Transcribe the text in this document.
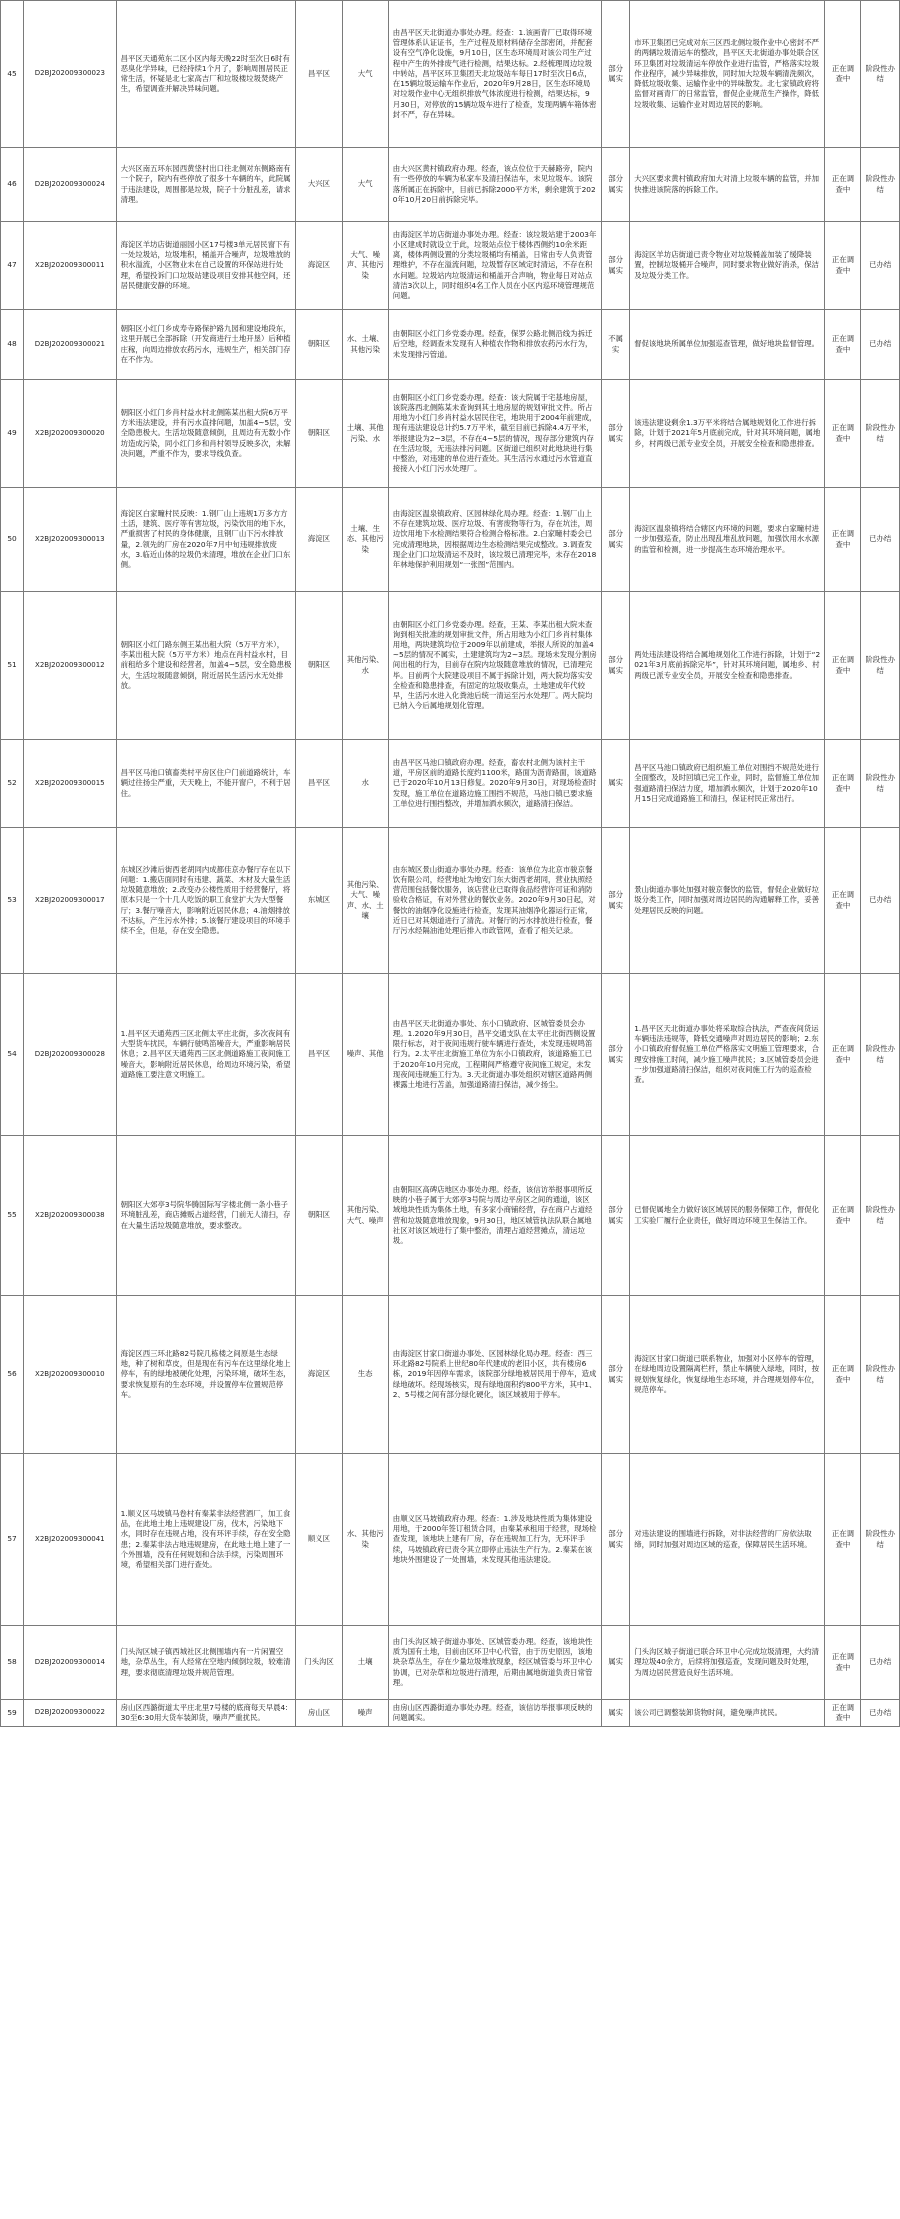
45	D2BJ202009300023	昌平区天通苑东二区小区内每天晚22时至次日6时有恶臭化学异味，已经持续1个月了，影响周围居民正常生活，怀疑是北七家高吉厂和垃圾楼垃圾焚烧产生，希望调查并解决异味问题。	昌平区	大气	由昌平区天北街道办事处办理。经查：1.该画青厂已取得环境管理体系认证证书，生产过程及原材料储存全部密闭，并配套设有空气净化设施，9月10日，区生态环境局对该公司生产过程中产生的外排废气进行检测，结果达标。2.经梳理周边垃圾中转站，昌平区环卫集团天北垃圾站车每日17时至次日6点，在15辆垃圾运输车作业后，2020年9月28日，区生态环境局对垃圾作业中心无组织排放气体浓度进行检测，结果达标，9月30日，对停放的15辆垃圾车进行了检查，发现两辆车箱体密封不严，存在异味。	部分属实	市环卫集团已完成对东三区西北侧垃圾作业中心密封不严的两辆垃圾清运车的整改，昌平区天北街道办事处联合区环卫集团对垃圾清运车停放作业进行监管，严格落实垃圾作业程序，减少异味排放，同时加大垃圾车辆清洗频次，降低垃圾收集、运输作业中的异味散发。北七家镇政府将监督对画青厂的日常监管，督促企业规范生产操作，降低垃圾收集、运输作业对周边居民的影响。	正在调查中	阶段性办结
46	D2BJ202009300024	大兴区南五环东园西黄垡村出口往北侧对东侧路南有一个院子，院内有些停放了很多十车辆的车，此院属于违法建设，周围都是垃圾，院子十分脏乱差，请求清理。	大兴区	大气	由大兴区黄村镇政府办理。经查，该点位位于天赫路旁，院内有一些停放的车辆为私家车及清扫保洁车，未见垃圾车。该院落所属正在拆除中，目前已拆除2000平方米，剩余建筑于2020年10月20日前拆除完毕。	部分属实	大兴区要求黄村镇政府加大对清上垃圾车辆的监管，并加快推进该院落的拆除工作。	正在调查中	阶段性办结
47	X2BJ202009300011	海淀区羊坊店街道丽园小区17号楼3单元居民窗下有一处垃圾站，垃圾堆积，桶盖开合噪声，垃圾堆放的积水溢流，小区物业未在自己设置的环保站进行处理，希望投诉门口垃圾站建设项目安排其他空间，还居民健康安静的环境。	海淀区	大气、噪声、其他污染	由海淀区羊坊店街道办事处办理。经查：该垃圾站建于2003年小区建成时就设立于此，垃圾站点位于楼体西侧约10余米距离，楼体两侧设置的分类垃圾桶均有桶盖，日常由专人负责管理维护，不存在溢流问题，垃圾暂存区域定时清运，不存在积水问题。垃圾站内垃圾清运和桶盖开合声响，物业每日对站点清洁3次以上，同时组织4名工作人员在小区内巡环境管理规范问题。	部分属实	海淀区羊坊店街道已责令物业对垃圾桶盖加装了缓降装置，控制垃圾桶开合噪声，同时要求物业做好消杀，保洁及垃圾分类工作。	正在调查中	已办结
48	D2BJ202009300021	朝阳区小红门乡成寿寺路保护路九园和建设地段东，这里开展已全部拆除（开发商进行土地开垦）后种植庄稼，向周边排放农药污水，违规生产，相关部门存在不作为。	朝阳区	水、土壤、其他污染	由朝阳区小红门乡党委办理。经查，保罗公路北侧沿线为拆迁后空地，经调查未发现有人种植农作物和排放农药污水行为，未发现排污管道。	不属实	督促该地块所属单位加强巡查管理，做好地块监督管理。	正在调查中	已办结
49	X2BJ202009300020	朝阳区小红门乡肖村益水村北侧陈某出租大院6万平方米违法建设，并有污水直排问题，加盖4~5层，安全隐患极大。生活垃圾随意倾倒，且周边有无数小作坊造成污染，同小红门乡和肖村领导反映多次，未解决问题，严重不作为，要求导线负查。	朝阳区	土壤、其他污染、水	由朝阳区小红门乡党委办理。经查：该大院属于宅基地房屋，该院落西北侧陈某未查询到其土地房屋的规划审批文件。所占用地为小红门乡肖村益水居民住宅，地块用于2004年前建成，现有违法建设总计约5.7万平米，截至目前已拆除4.4万平米，举报建设为2~3层，不存在4~5层的情况，现存部分建筑内存在生活垃圾，无违法排污问题。区街道已组织对此地块进行集中整治，对违建的单位进行查处。其生活污水通过污水管道直接接入小红门污水处理厂。	部分属实	该违法建设剩余1.3万平米将结合属地规划化工作进行拆除，计划于2021年5月底前完成，针对其环境问题，属地乡，村两级已派专业安全员，开展安全检查和隐患排查。	正在调查中	阶段性办结
50	X2BJ202009300013	海淀区白家疃村民反映：1.钢厂山上违规1万多方方土活，建筑、医疗等有害垃圾，污染饮用的地下水，严重损害了村民的身体健康，且钢厂山下污水排放量，2.领先的厂房在2020年7月中旬违规排放废水，3.临近山体的垃圾仍未清理，堆放在企业门口东侧。	海淀区	土壤、生态、其他污染	由海淀区温泉镇政府、区园林绿化局办理。经查：1.钢厂山上不存在建筑垃圾、医疗垃圾、有害废物等行为，存在坑洼，周边饮用地下水检测结果符合检测合格标准。2.白家疃村委会已完成清理地块，因根据周边生态检测结果完成整改。3.调查发现企业门口垃圾清运不及时，该垃圾已清理完毕，未存在2018年林地保护利用规划“一张图”范围内。	部分属实	海淀区温泉镇将结合辖区内环境的问题，要求白家疃村进一步加强巡查，防止出现乱堆乱放问题，加强饮用水水源的监管和检测，进一步提高生态环境治理水平。	正在调查中	已办结
51	X2BJ202009300012	朝阳区小红门路东侧王某出租大院（5万平方米），李某出租大院（5万平方米）地点在肖村益水村，目前租给多个建设和经营者，加盖4~5层，安全隐患极大，生活垃圾随意倾倒，附近居民生活污水无处排放。	朝阳区	其他污染、水	由朝阳区小红门乡党委办理。经查，王某、李某出租大院未查询到相关批准的规划审批文件，所占用地为小红门乡肖村集体用地，两块建筑均位于2009年以前建成，举报人所说的加盖4~5层的情况不属实，土建建筑均为2~3层。现场未发现分割房间出租的行为，目前存在院内垃圾随意堆放的情况，已清理完毕。目前两个大院建设项目不属于拆除计划，两大院均落实安全检查和隐患排查，有固定的垃圾收集点，土地建成年代较早，生活污水进入化粪池后统一清运至污水处理厂。两大院均已纳入今后属地规划化管理。	部分属实	两处违法建设将结合属地规划化工作进行拆除，计划于“2021年3月底前拆除完毕”，针对其环境问题，属地乡、村两级已派专业安全员，开展安全检查和隐患排查。	正在调查中	阶段性办结
52	X2BJ202009300015	昌平区马池口镇畜类村平房区住户门前道路统计，车辆过往扬尘严重，天天晚上，不能开窗户，不利于居住。	昌平区	水	由昌平区马池口镇政府办理。经查，畜农村北侧为该村主干道，平房区前的道路长度约1100米，路面为沥青路面，该道路已于2020年10月13日修复。2020年9月30日，对现场检查时发现，施工单位在道路边施工围挡不规范，马池口镇已要求施工单位进行围挡整改，并增加洒水频次，道路清扫保洁。	属实	昌平区马池口镇政府已组织施工单位对围挡不规范处进行全面整改，及时回填已完工作业，同时，监督施工单位加强道路清扫保洁力度，增加洒水频次，计划于2020年10月15日完成道路施工和清扫，保证村民正常出行。	正在调查中	阶段性办结
53	X2BJ202009300017	东城区沙滩后街西老胡同内成都佳京办餐厅存在以下问题：1.搬店面同时有违建、蔬菜、木材及大量生活垃圾随意堆放；2.改变办公楼性质用于经营餐厅，将原本只是一个十几人吃饭的职工食堂扩大为大型餐厅；3.餐厅噪音大，影响附近居民休息；4.油烟排放不达标，产生污水外排；5.该餐厅建设项目的环境手续不全，但是，存在安全隐患。	东城区	其他污染、大气、噪声、水、土壤	由东城区景山街道办事处办理。经查：该单位为北京市骏京餐饮有限公司，经营地址为地安门东大街西老胡同，营业执照经营范围包括餐饮服务，该店营业已取得食品经营许可证和消防验收合格证，有对外营业的餐饮业务。2020年9月30日起，对餐饮的油烟净化设施进行检查，发现其油烟净化器运行正常，近日已对其烟道进行了清洗。对餐厅的污水排放进行检查，餐厅污水经隔油池处理后排入市政管网，查看了相关记录。	部分属实	景山街道办事处加强对骏京餐饮的监管，督促企业做好垃圾分类工作，同时加强对周边居民的沟通解释工作，妥善处理居民反映的问题。	正在调查中	已办结
54	D2BJ202009300028	1.昌平区天通苑西三区北侧太平庄北街，多次夜间有大型货车扰民，车辆行驶鸣笛噪音大，严重影响居民休息；2.昌平区天通苑西三区北侧道路施工夜间施工噪音大，影响附近居民休息，给周边环境污染，希望道路施工要注意文明施工。	昌平区	噪声、其他	由昌平区天北街道办事处、东小口镇政府、区城管委员会办理。1.2020年9月30日，昌平交通支队在太平庄北街西侧设置限行标志，对于夜间违规行驶车辆进行查处，未发现违规鸣笛行为。2.太平庄北街施工单位为东小口镇政府，该道路施工已于2020年10月完成，工程期间严格遵守夜间施工规定，未发现夜间违规施工行为。3.天北街道办事处组织对辖区道路两侧裸露土地进行苫盖，加强道路清扫保洁，减少扬尘。	部分属实	1.昌平区天北街道办事处将采取综合执法，严查夜间货运车辆违法违规等，降低交通噪声对周边居民的影响；2.东小口镇政府督促施工单位严格落实文明施工管理要求，合理安排施工时间，减少施工噪声扰民；3.区城管委员会进一步加强道路清扫保洁，组织对夜间施工行为的巡查检查。	正在调查中	阶段性办结
55	X2BJ202009300038	朝阳区大郊亭3号院华腾国际写字楼北侧一条小巷子环境脏乱差，商店摊贩占道经营，门前无人清扫，存在大量生活垃圾随意堆放，要求整改。	朝阳区	其他污染、大气、噪声	由朝阳区高碑店地区办事处办理。经查，该信访举报事项所反映的小巷子属于大郊亭3号院与周边平房区之间的通道，该区域地块性质为集体土地，有多家小商铺经营，存在商户占道经营和垃圾随意堆放现象，9月30日，地区城管执法队联合属地社区对该区域进行了集中整治，清理占道经营摊点，清运垃圾。	部分属实	已督促属地全力做好该区域居民的服务保障工作，督促化工实验厂履行企业责任，做好周边环境卫生保洁工作。	正在调查中	阶段性办结
56	X2BJ202009300010	海淀区西三环北路82号院几栋楼之间原是生态绿地，种了树和草皮，但是现在有污车在这里绿化地上停车，有的绿地被硬化处理，污染环境，破坏生态，要求恢复原有的生态环境，并设置停车位置规范停车。	海淀区	生态	由海淀区甘家口街道办事处、区园林绿化局办理。经查：西三环北路82号院系上世纪80年代建成的老旧小区，共有楼房6栋，2019年因停车需求，该院部分绿地被居民用于停车，造成绿地破坏。经现场核实，现有绿地面积约800平方米，其中1、2、5号楼之间有部分绿化硬化，该区域被用于停车。	部分属实	海淀区甘家口街道已联系物业，加强对小区停车的管理，在绿地周边设置隔离栏杆，禁止车辆驶入绿地，同时，按规划恢复绿化，恢复绿地生态环境，并合理规划停车位，规范停车。	正在调查中	阶段性办结
57	X2BJ202009300041	1.顺义区马坡镇马卷村有秦某非法经营酒厂，加工食品，在此地土地上违规建设厂房，伐木，污染地下水，同时存在违规占地，没有环评手续，存在安全隐患；2.秦某非法占地违规建房，在此地土地上建了一个外围墙，没有任何规划和合法手续，污染周围环境，希望相关部门进行查处。	顺义区	水、其他污染	由顺义区马坡镇政府办理。经查：1.涉及地块性质为集体建设用地，于2000年签订租赁合同，由秦某承租用于经营，现场检查发现，该地块上建有厂房，存在违规加工行为，无环评手续，马坡镇政府已责令其立即停止违法生产行为。2.秦某在该地块外围建设了一处围墙，未发现其他违法建设。	部分属实	对违法建设的围墙进行拆除，对非法经营的厂房依法取缔，同时加强对周边区域的巡查，保障居民生活环境。	正在调查中	阶段性办结
58	D2BJ202009300014	门头沟区城子镇西城社区北侧围墙内有一片闲置空地，杂草丛生，有人经常在空地内倾倒垃圾，较难清理，要求彻底清理垃圾并规范管理。	门头沟区	土壤	由门头沟区城子街道办事处、区城管委办理。经查，该地块性质为国有土地，目前由区环卫中心代管，由于历史原因，该地块杂草丛生，存在少量垃圾堆放现象，经区城管委与环卫中心协调，已对杂草和垃圾进行清理，后期由属地街道负责日常管理。	属实	门头沟区城子街道已联合环卫中心完成垃圾清理，大约清理垃圾40余方，后续将加强巡查，发现问题及时处理，为周边居民营造良好生活环境。	正在调查中	已办结
59	D2BJ202009300022	房山区西潞街道太平庄北里7号楼的底商每天早晨4:30至6:30用大货车装卸货，噪声严重扰民。	房山区	噪声	由房山区西潞街道办事处办理。经查，该信访举报事项反映的问题属实。	属实	该公司已调整装卸货物时间，避免噪声扰民。	正在调查中	已办结
